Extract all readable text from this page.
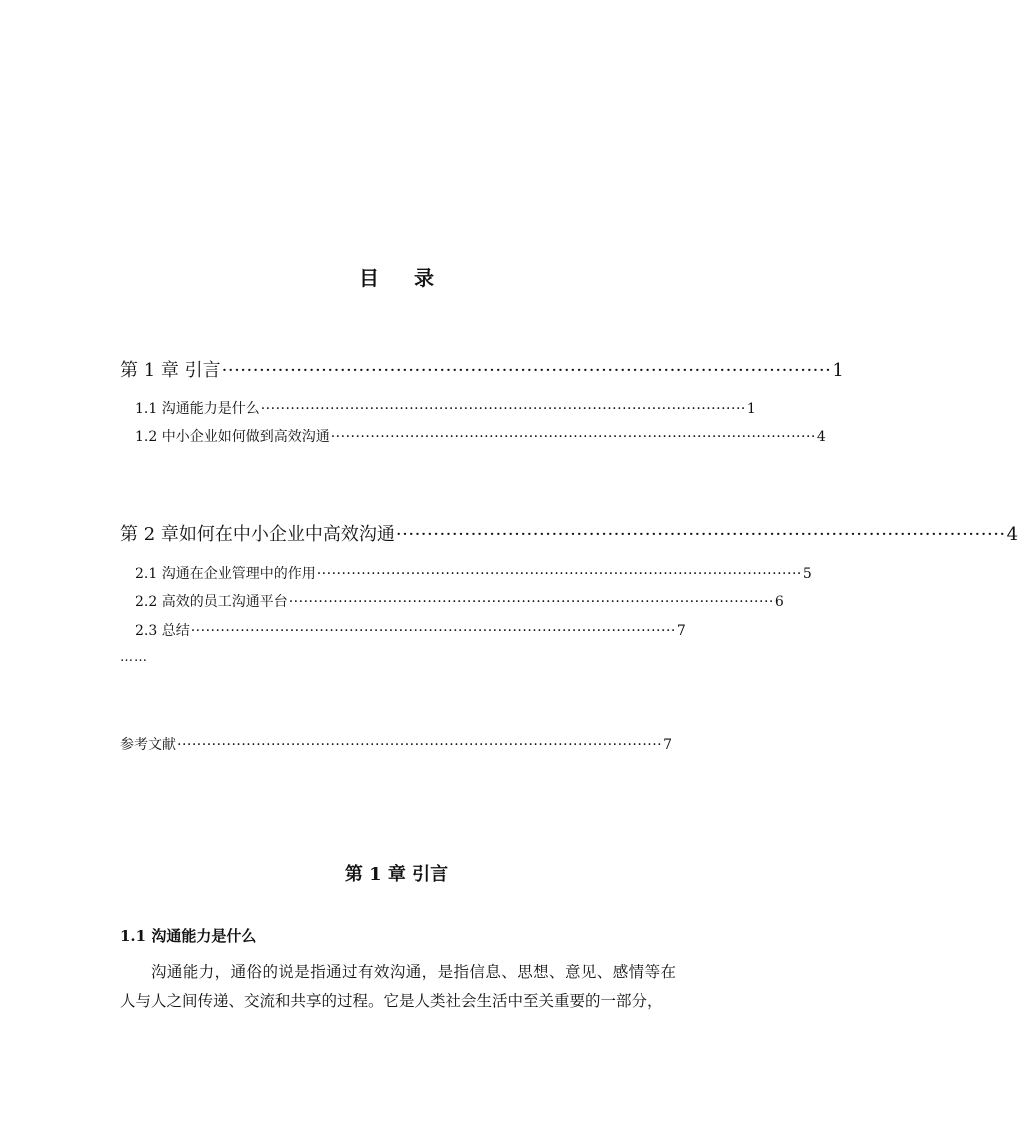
目 录
第 1 章 引言 ·································································································· 1
1.1 沟通能力是什么 ·································································································· 1
1.2 中小企业如何做到高效沟通 ·································································································· 4
第 2 章如何在中小企业中高效沟通 ·································································································· 4
2.1 沟通在企业管理中的作用 ·································································································· 5
2.2 高效的员工沟通平台 ·································································································· 6
2.3 总结 ·································································································· 7
……
参考文献 ·································································································· 7
第 1 章 引言
1.1 沟通能力是什么
沟通能力，通俗的说是指通过有效沟通，是指信息、思想、意见、感情等在人与人之间传递、交流和共享的过程。它是人类社会生活中至关重要的一部分，
